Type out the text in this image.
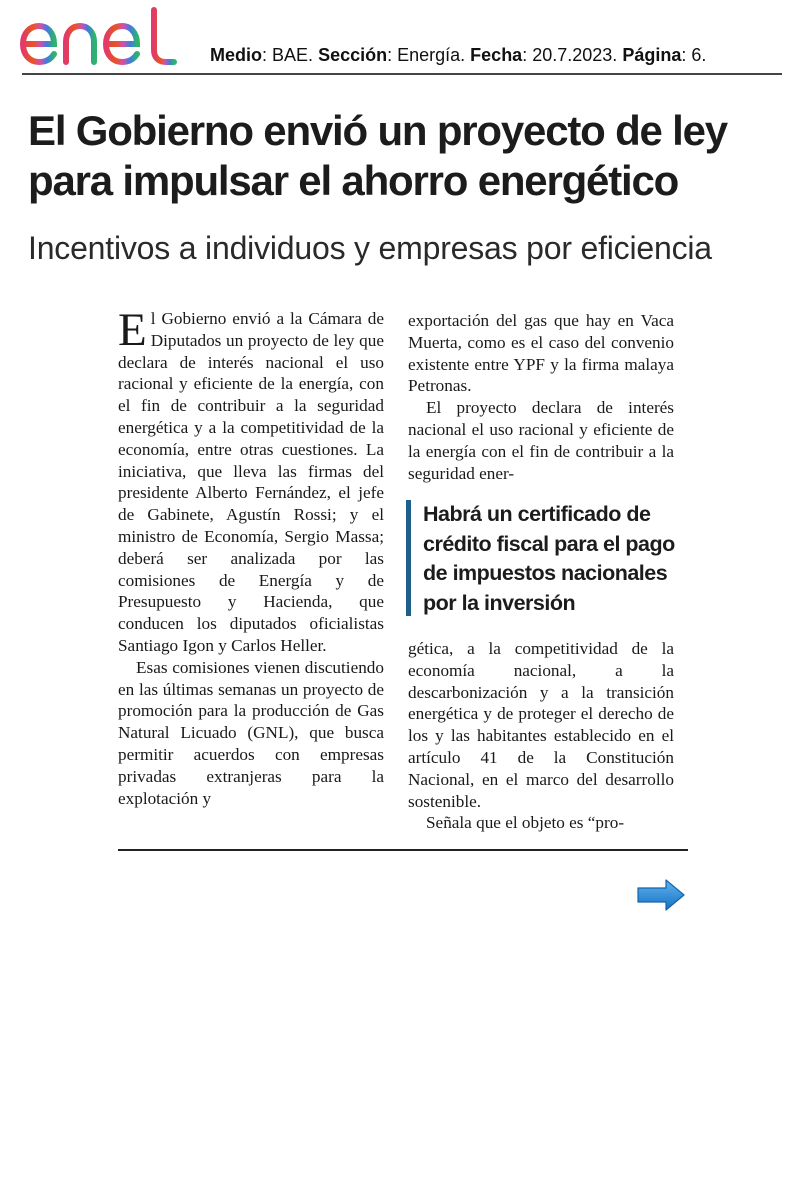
Medio: BAE. Sección: Energía. Fecha: 20.7.2023. Página: 6.
El Gobierno envió un proyecto de ley para impulsar el ahorro energético
Incentivos a individuos y empresas por eficiencia

El Gobierno envió a la Cámara de Diputados un proyecto de ley que declara de interés nacional el uso racional y eficiente de la energía, con el fin de contribuir a la seguridad energética y a la competitividad de la economía, entre otras cuestiones. La iniciativa, que lleva las firmas del presidente Alberto Fernández, el jefe de Gabinete, Agustín Rossi; y el ministro de Economía, Sergio Massa; deberá ser analizada por las comisiones de Energía y de Presupuesto y Hacienda, que conducen los diputados oficialistas Santiago Igon y Carlos Heller.

Esas comisiones vienen discutiendo en las últimas semanas un proyecto de promoción para la producción de Gas Natural Licuado (GNL), que busca permitir acuerdos con empresas privadas extranjeras para la explotación y

exportación del gas que hay en Vaca Muerta, como es el caso del convenio existente entre YPF y la firma malaya Petronas.

El proyecto declara de interés nacional el uso racional y eficiente de la energía con el fin de contribuir a la seguridad ener-

Habrá un certificado de crédito fiscal para el pago de impuestos nacionales por la inversión

gética, a la competitividad de la economía nacional, a la descarbonización y a la transición energética y de proteger el derecho de los y las habitantes establecido en el artículo 41 de la Constitución Nacional, en el marco del desarrollo sostenible.

Señala que el objeto es “pro-
